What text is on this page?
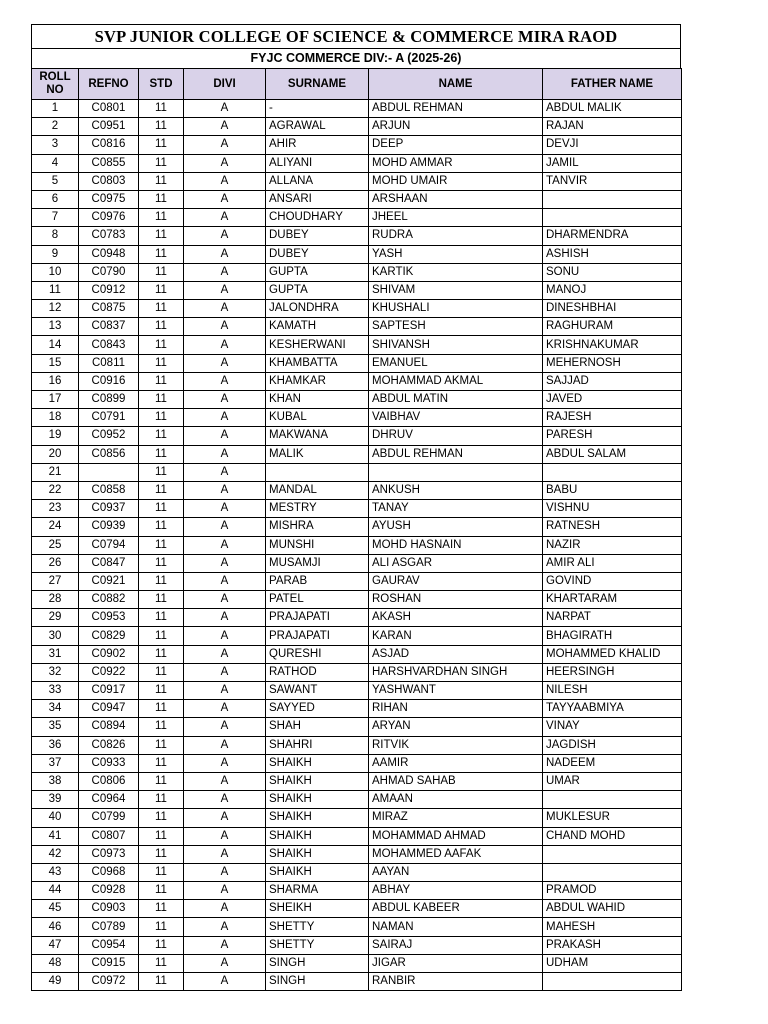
SVP JUNIOR COLLEGE OF SCIENCE & COMMERCE MIRA RAOD
FYJC COMMERCE DIV:- A (2025-26)
ROLL NO	REFNO	STD	DIVI	SURNAME	NAME	FATHER NAME
1	C0801	11	A	-	ABDUL REHMAN	ABDUL MALIK
2	C0951	11	A	AGRAWAL	ARJUN	RAJAN
3	C0816	11	A	AHIR	DEEP	DEVJI
4	C0855	11	A	ALIYANI	MOHD AMMAR	JAMIL
5	C0803	11	A	ALLANA	MOHD UMAIR	TANVIR
6	C0975	11	A	ANSARI	ARSHAAN	
7	C0976	11	A	CHOUDHARY	JHEEL	
8	C0783	11	A	DUBEY	RUDRA	DHARMENDRA
9	C0948	11	A	DUBEY	YASH	ASHISH
10	C0790	11	A	GUPTA	KARTIK	SONU
11	C0912	11	A	GUPTA	SHIVAM	MANOJ
12	C0875	11	A	JALONDHRA	KHUSHALI	DINESHBHAI
13	C0837	11	A	KAMATH	SAPTESH	RAGHURAM
14	C0843	11	A	KESHERWANI	SHIVANSH	KRISHNAKUMAR
15	C0811	11	A	KHAMBATTA	EMANUEL	MEHERNOSH
16	C0916	11	A	KHAMKAR	MOHAMMAD AKMAL	SAJJAD
17	C0899	11	A	KHAN	ABDUL MATIN	JAVED
18	C0791	11	A	KUBAL	VAIBHAV	RAJESH
19	C0952	11	A	MAKWANA	DHRUV	PARESH
20	C0856	11	A	MALIK	ABDUL REHMAN	ABDUL SALAM
21		11	A			
22	C0858	11	A	MANDAL	ANKUSH	BABU
23	C0937	11	A	MESTRY	TANAY	VISHNU
24	C0939	11	A	MISHRA	AYUSH	RATNESH
25	C0794	11	A	MUNSHI	MOHD HASNAIN	NAZIR
26	C0847	11	A	MUSAMJI	ALI ASGAR	AMIR ALI
27	C0921	11	A	PARAB	GAURAV	GOVIND
28	C0882	11	A	PATEL	ROSHAN	KHARTARAM
29	C0953	11	A	PRAJAPATI	AKASH	NARPAT
30	C0829	11	A	PRAJAPATI	KARAN	BHAGIRATH
31	C0902	11	A	QURESHI	ASJAD	MOHAMMED KHALID
32	C0922	11	A	RATHOD	HARSHVARDHAN SINGH	HEERSINGH
33	C0917	11	A	SAWANT	YASHWANT	NILESH
34	C0947	11	A	SAYYED	RIHAN	TAYYAABMIYA
35	C0894	11	A	SHAH	ARYAN	VINAY
36	C0826	11	A	SHAHRI	RITVIK	JAGDISH
37	C0933	11	A	SHAIKH	AAMIR	NADEEM
38	C0806	11	A	SHAIKH	AHMAD SAHAB	UMAR
39	C0964	11	A	SHAIKH	AMAAN	
40	C0799	11	A	SHAIKH	MIRAZ	MUKLESUR
41	C0807	11	A	SHAIKH	MOHAMMAD AHMAD	CHAND MOHD
42	C0973	11	A	SHAIKH	MOHAMMED AAFAK	
43	C0968	11	A	SHAIKH	AAYAN	
44	C0928	11	A	SHARMA	ABHAY	PRAMOD
45	C0903	11	A	SHEIKH	ABDUL KABEER	ABDUL WAHID
46	C0789	11	A	SHETTY	NAMAN	MAHESH
47	C0954	11	A	SHETTY	SAIRAJ	PRAKASH
48	C0915	11	A	SINGH	JIGAR	UDHAM
49	C0972	11	A	SINGH	RANBIR	
